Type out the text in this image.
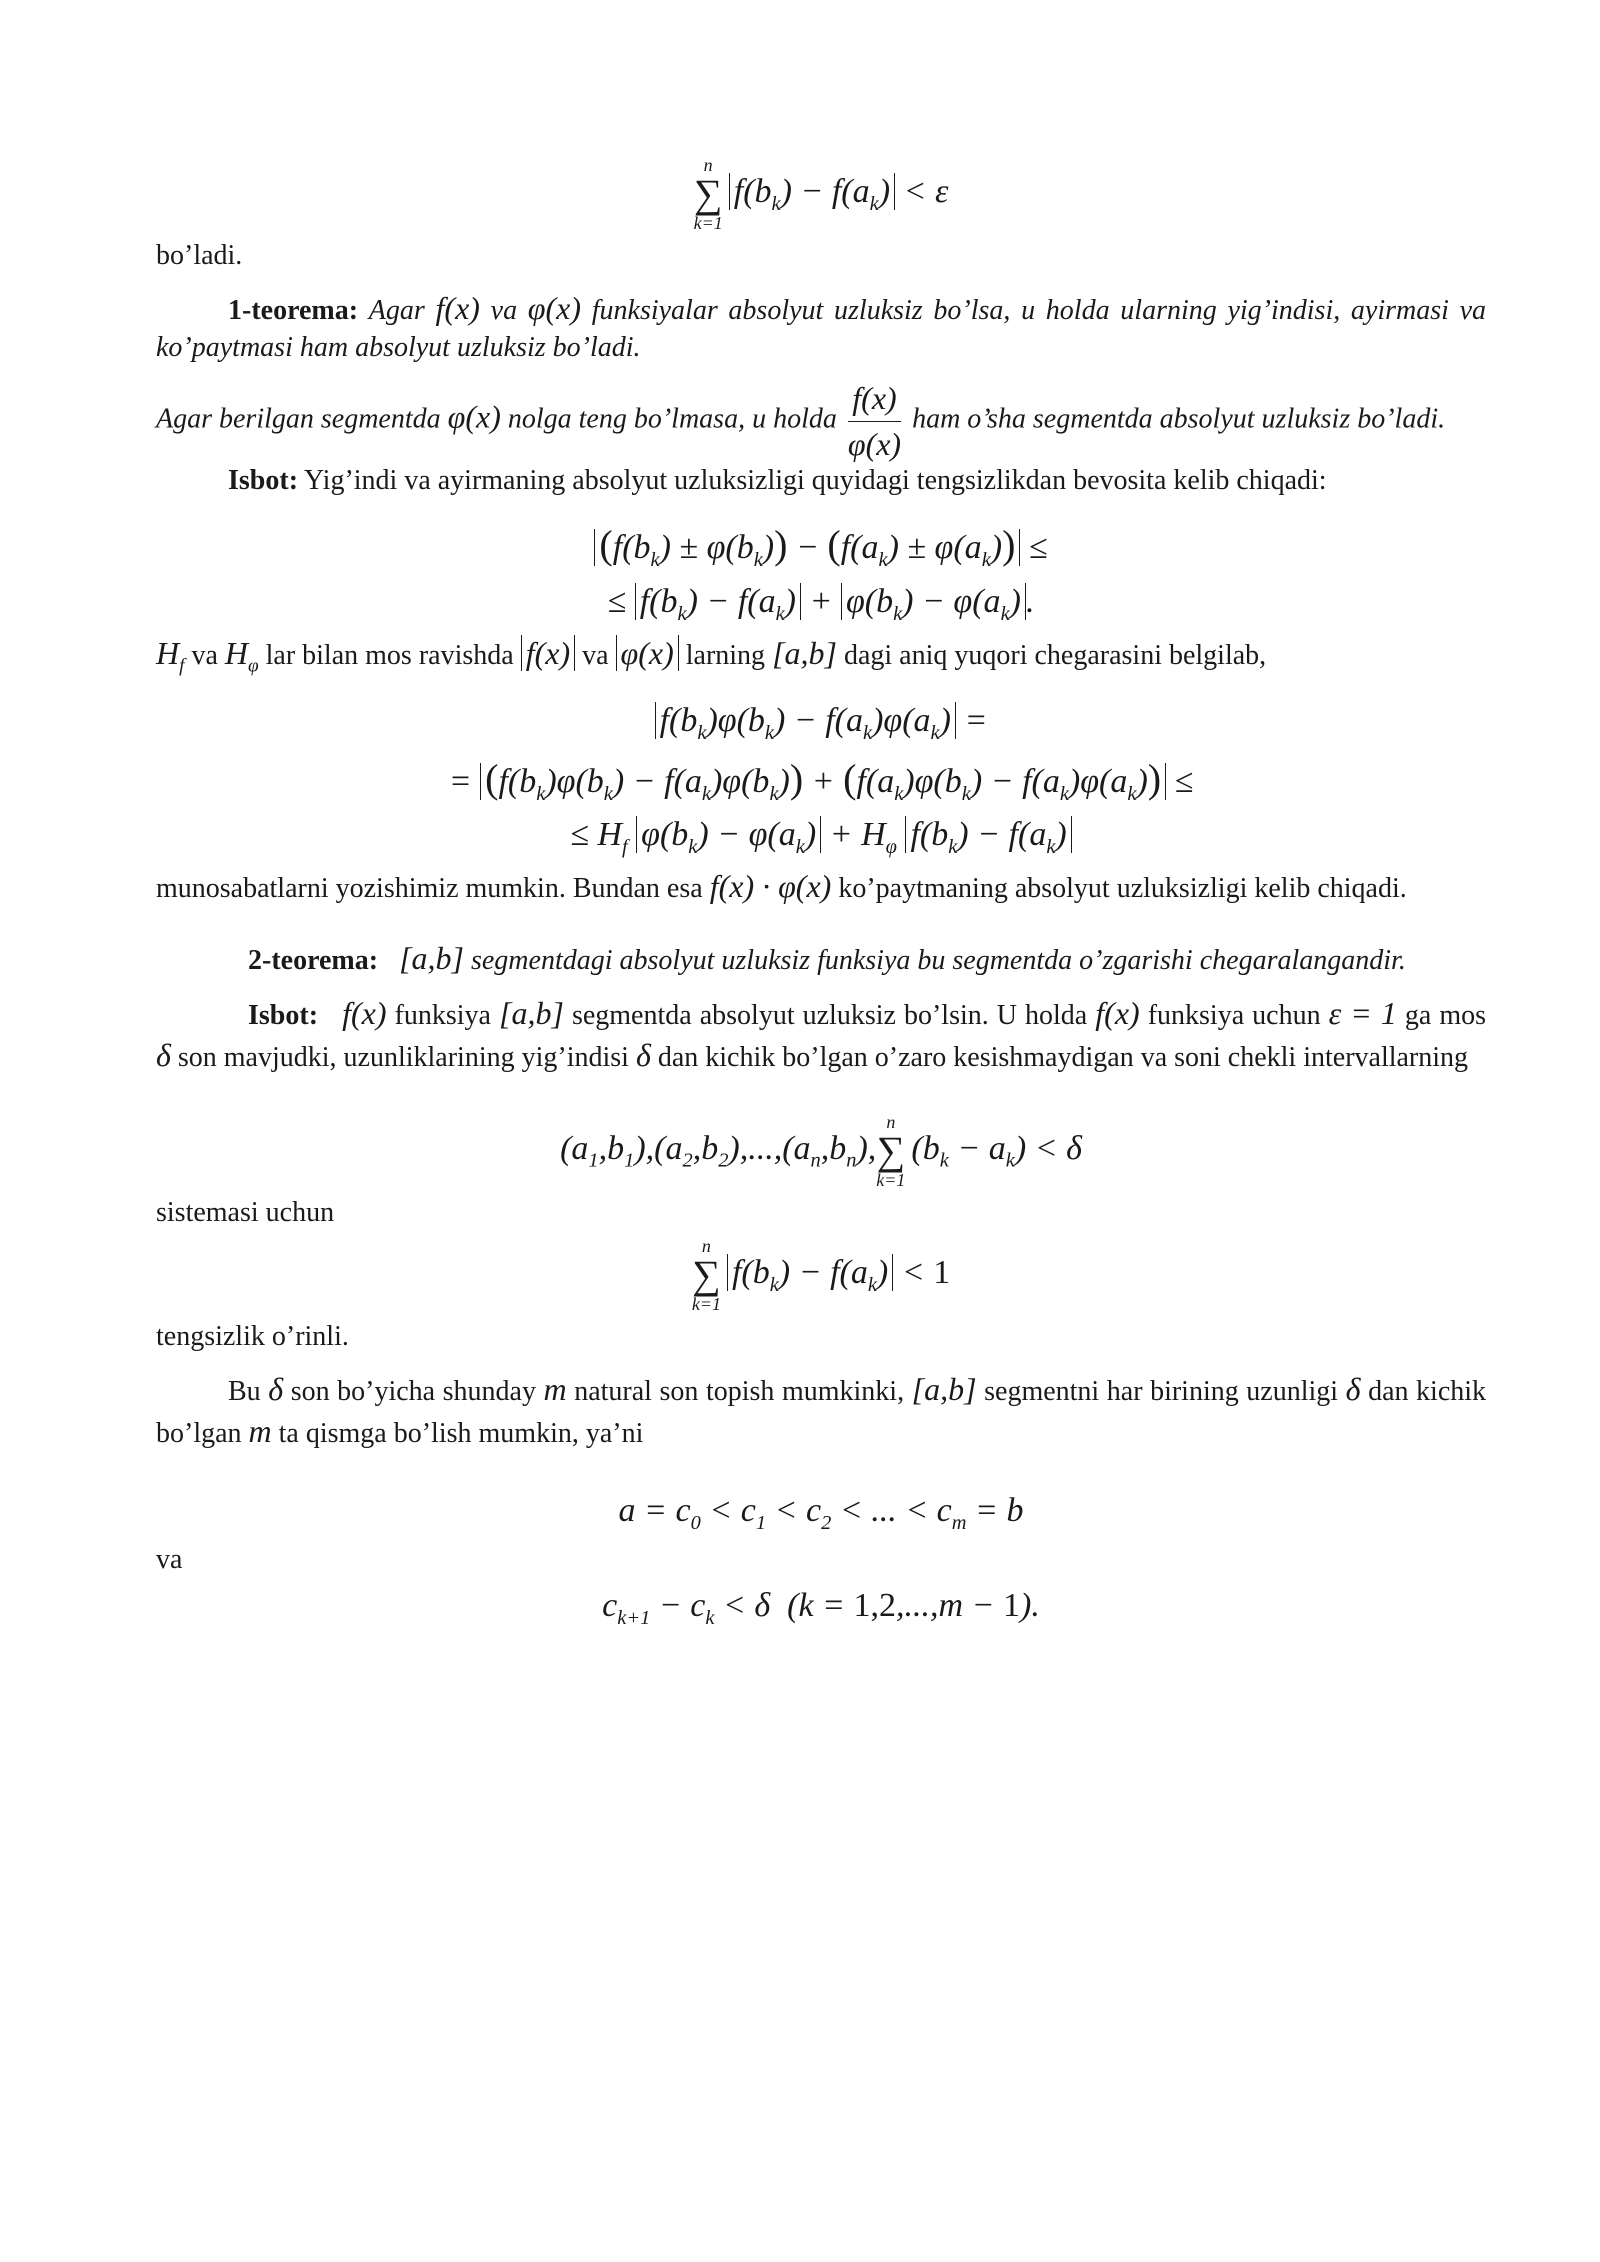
n
∑
k=1
$f(b_k) - f(a_k) < \varepsilon$

bo’ladi.

1-teorema: Agar f(x) va φ(x) funksiyalar absolyut uzluksiz bo’lsa, u holda ularning yig’indisi, ayirmasi va ko’paytmasi ham absolyut uzluksiz bo’ladi.

Agar berilgan segmentda φ(x) nolga teng bo’lmasa, u holda $\frac{f(x)}{\varphi(x)}$ ham o’sha segmentda absolyut uzluksiz bo’ladi.

Isbot: Yig’indi va ayirmaning absolyut uzluksizligi quyidagi tengsizlikdan bevosita kelib chiqadi:

$(f(b_k) \pm \varphi(b_k)) - (f(a_k) \pm \varphi(a_k))$ ≤
≤ $f(b_k) - f(a_k) + \varphi(b_k) - \varphi(a_k)$ .

$H_f$ va $H_\varphi$ lar bilan mos ravishda f(x) va φ(x) larning [a,b] dagi aniq yuqori chegarasini belgilab,

$f(b_k)\varphi(b_k) - f(a_k)\varphi(a_k)$ =
= $(f(b_k)\varphi(b_k) - f(a_k)\varphi(b_k)) + (f(a_k)\varphi(b_k) - f(a_k)\varphi(a_k))$ ≤
≤ $H_f$ $\varphi(b_k) - \varphi(a_k) + H_\varphi$ $f(b_k) - f(a_k)$

munosabatlarni yozishimiz mumkin. Bundan esa f(x) · φ(x) ko’paytmaning absolyut uzluksizligi kelib chiqadi.

2-teorema: [a,b] segmentdagi absolyut uzluksiz funksiya bu segmentda o’zgarishi chegaralangandir.

Isbot: f(x) funksiya [a,b] segmentda absolyut uzluksiz bo’lsin. U holda f(x) funksiya uchun ε = 1 ga mos δ son mavjudki, uzunliklarining yig’indisi δ dan kichik bo’lgan o’zaro kesishmaydigan va soni chekli intervallarning

$(a_1,b_1),(a_2,b_2),...,(a_n,b_n)$,
n
∑
k=1
$(b_k - a_k) < \delta$

sistemasi uchun

n
∑
k=1
$f(b_k) - f(a_k) < 1$

tengsizlik o’rinli.

Bu δ son bo’yicha shunday m natural son topish mumkinki, [a,b] segmentni har birining uzunligi δ dan kichik bo’lgan m ta qismga bo’lish mumkin, ya’ni

$a = c_0 < c_1 < c_2$ < ... < $c_m = b$

va

$c_{k+1} - c_k < \delta$  (k = 1,2,...,m − 1).
